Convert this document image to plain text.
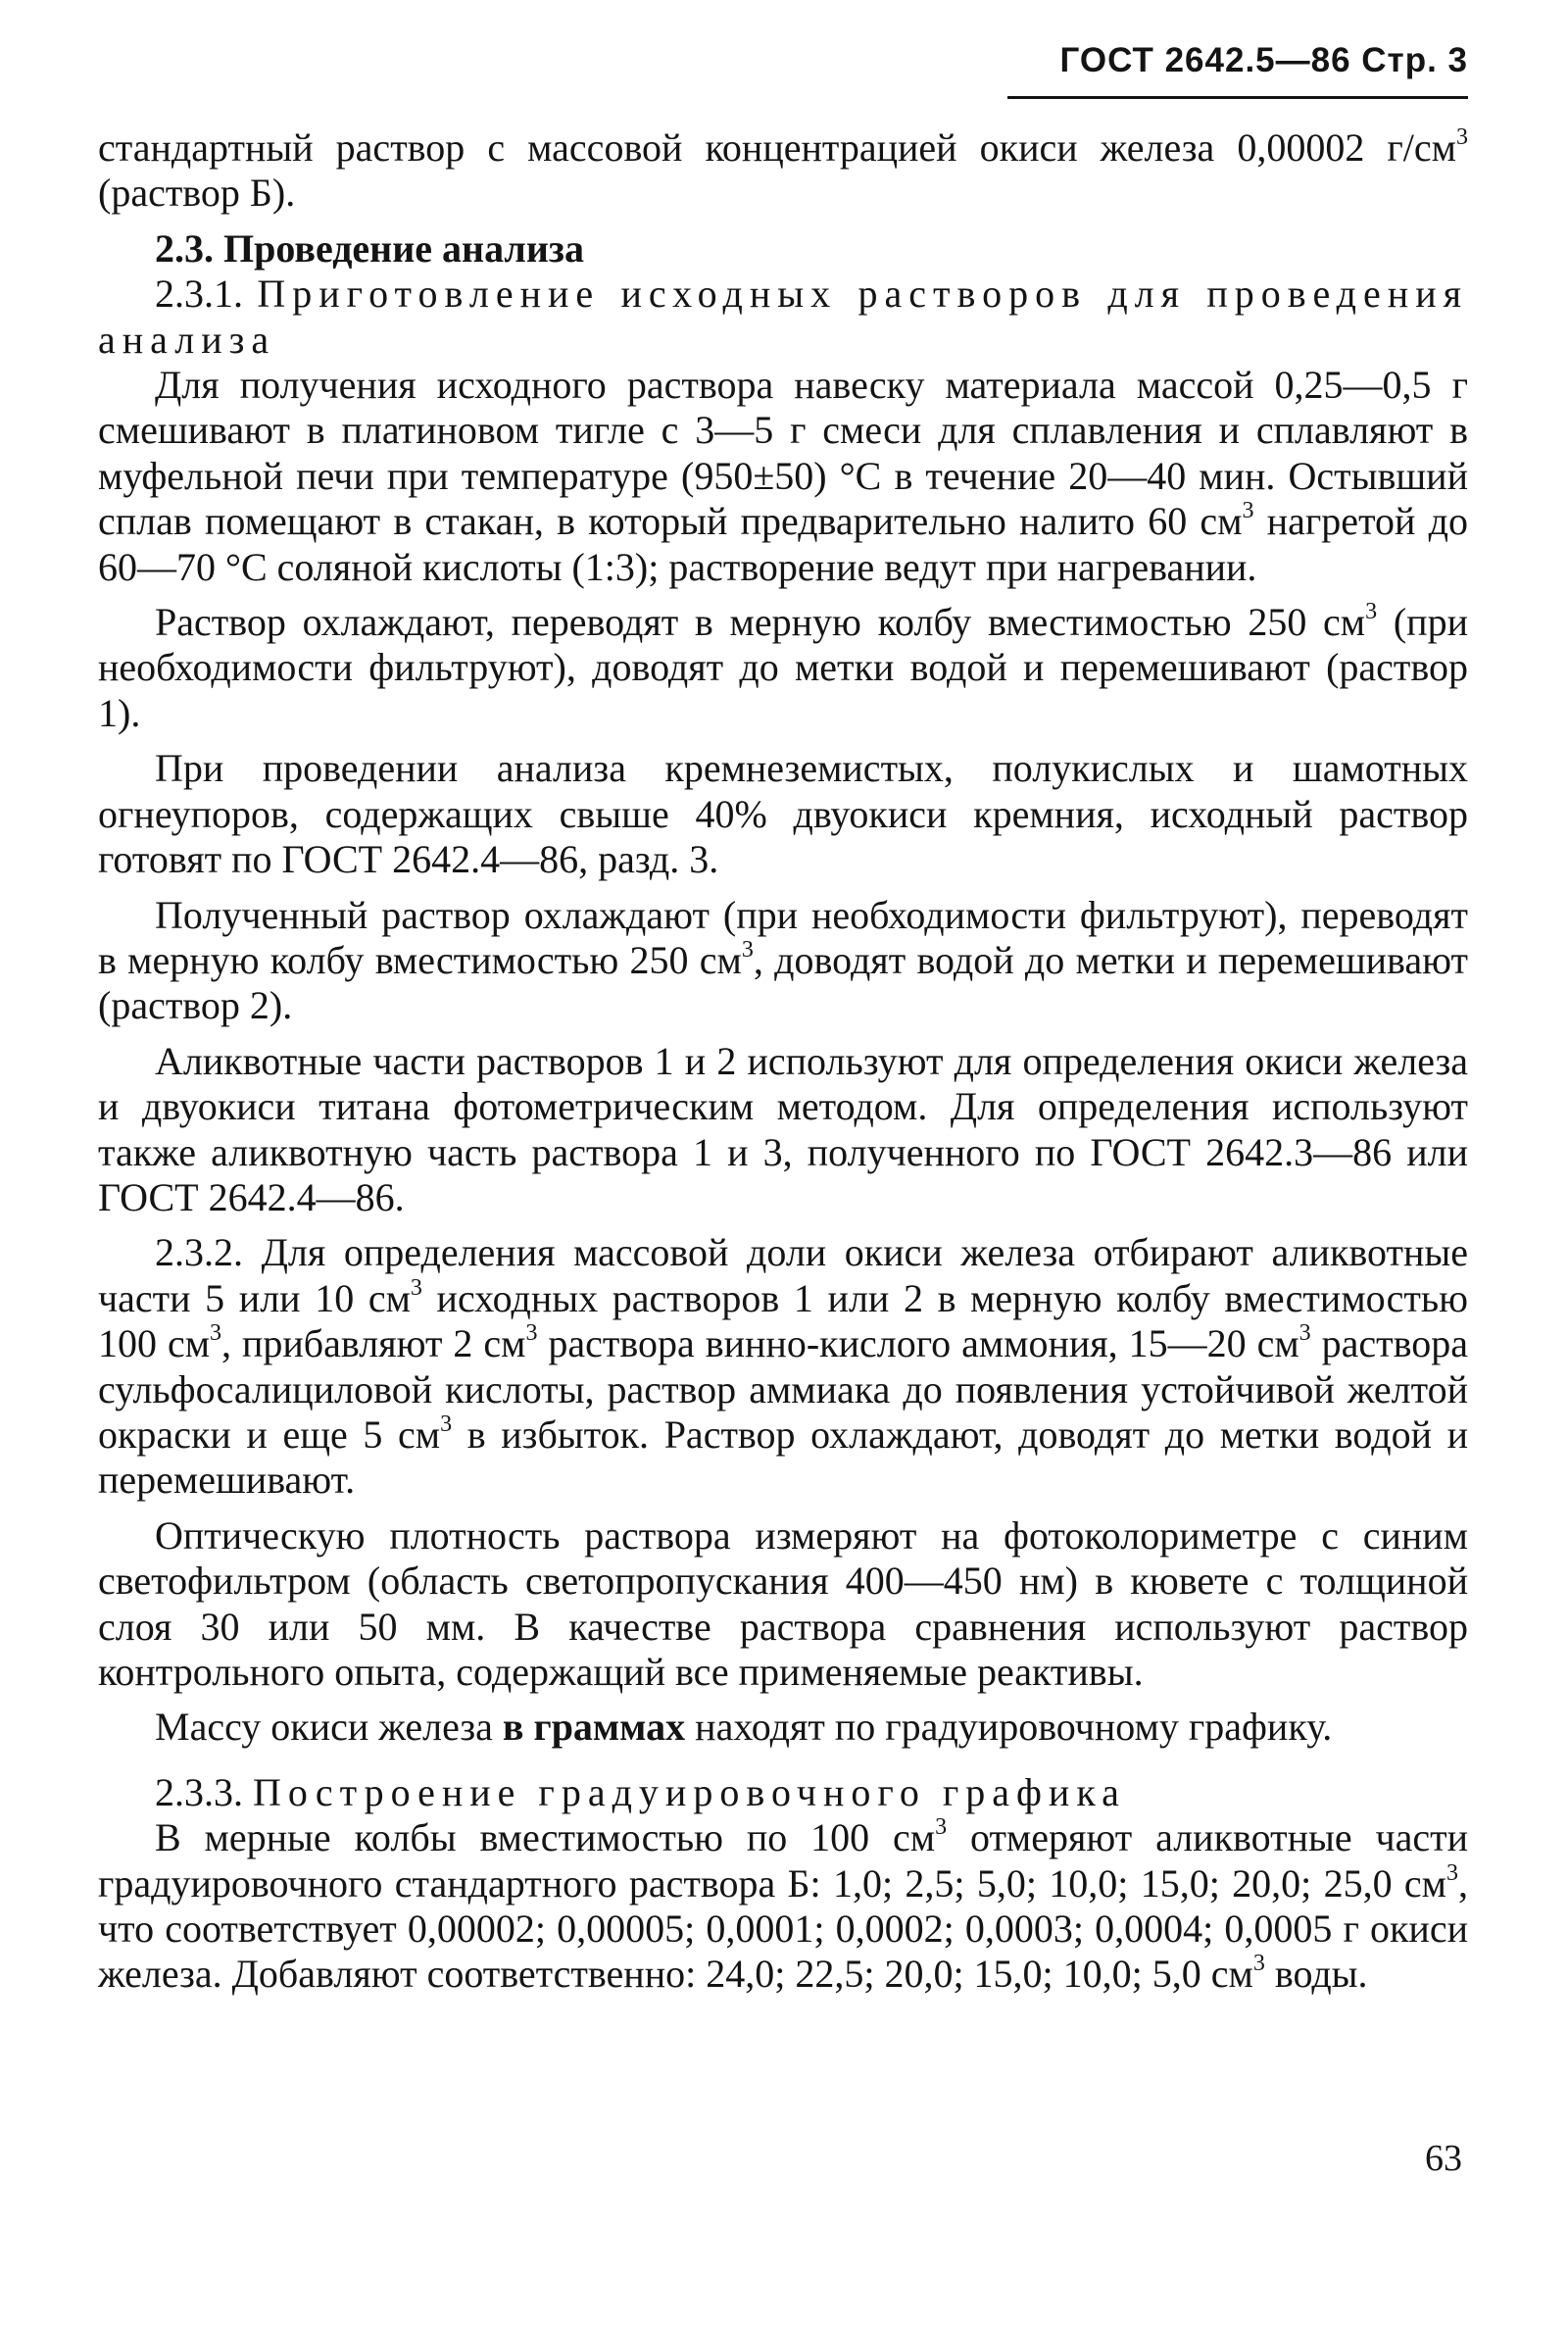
ГОСТ 2642.5—86 Стр. 3

стандартный раствор с массовой концентрацией окиси железа 0,00002 $г/см^3$ (раствор Б).

2.3. Проведение анализа

2.3.1. Приготовление исходных растворов для проведения анализа

Для получения исходного раствора навеску материала массой 0,25—0,5 г смешивают в платиновом тигле с 3—5 г смеси для сплавления и сплавляют в муфельной печи при температуре (950±50) °С в течение 20—40 мин. Остывший сплав помещают в стакан, в который предварительно налито 60 $см^3$ нагретой до 60—70 °С соляной кислоты (1:3); растворение ведут при нагревании.

Раствор охлаждают, переводят в мерную колбу вместимостью 250 $см^3$ (при необходимости фильтруют), доводят до метки водой и перемешивают (раствор 1).

При проведении анализа кремнеземистых, полукислых и шамотных огнеупоров, содержащих свыше 40% двуокиси кремния, исходный раствор готовят по ГОСТ 2642.4—86, разд. 3.

Полученный раствор охлаждают (при необходимости фильтруют), переводят в мерную колбу вместимостью 250 $см^3$, доводят водой до метки и перемешивают (раствор 2).

Аликвотные части растворов 1 и 2 используют для определения окиси железа и двуокиси титана фотометрическим методом. Для определения используют также аликвотную часть раствора 1 и 3, полученного по ГОСТ 2642.3—86 или ГОСТ 2642.4—86.

2.3.2. Для определения массовой доли окиси железа отбирают аликвотные части 5 или 10 $см^3$ исходных растворов 1 или 2 в мерную колбу вместимостью 100 $см^3$, прибавляют 2 $см^3$ раствора винно-кислого аммония, 15—20 $см^3$ раствора сульфосалициловой кислоты, раствор аммиака до появления устойчивой желтой окраски и еще 5 $см^3$ в избыток. Раствор охлаждают, доводят до метки водой и перемешивают.

Оптическую плотность раствора измеряют на фотоколориметре с синим светофильтром (область светопропускания 400—450 нм) в кювете с толщиной слоя 30 или 50 мм. В качестве раствора сравнения используют раствор контрольного опыта, содержащий все применяемые реактивы.

Массу окиси железа в граммах находят по градуировочному графику.

2.3.3. Построение градуировочного графика

В мерные колбы вместимостью по 100 $см^3$ отмеряют аликвотные части градуировочного стандартного раствора Б: 1,0; 2,5; 5,0; 10,0; 15,0; 20,0; 25,0 $см^3$, что соответствует 0,00002; 0,00005; 0,0001; 0,0002; 0,0003; 0,0004; 0,0005 г окиси железа. Добавляют соответственно: 24,0; 22,5; 20,0; 15,0; 10,0; 5,0 $см^3$ воды.

63
